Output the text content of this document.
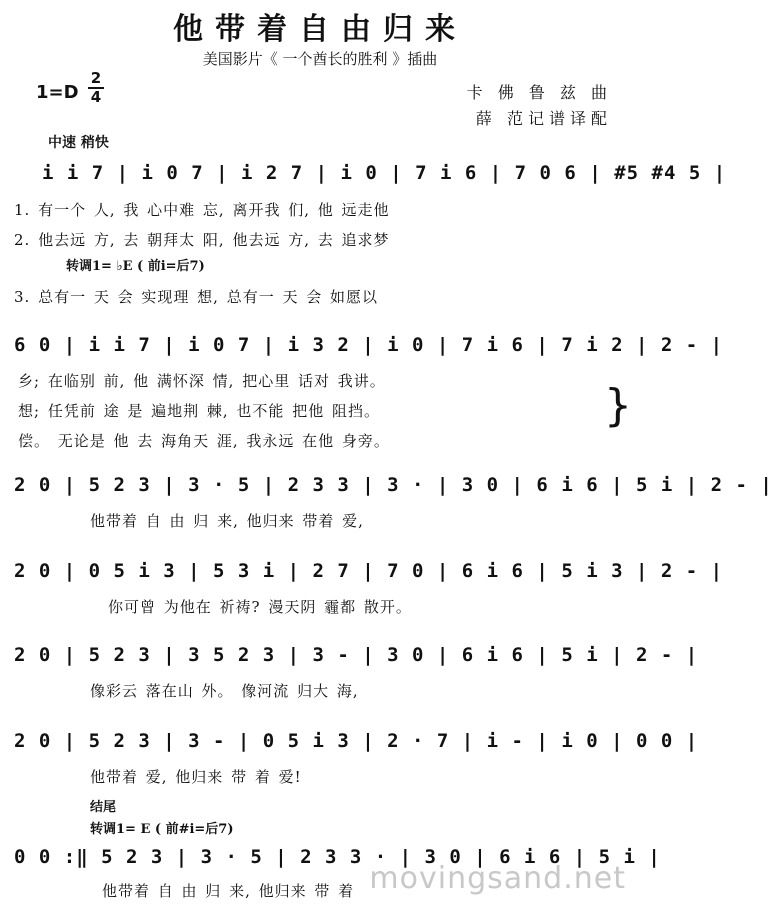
他带着自由归来
美国影片《 一个酋长的胜利 》插曲
1=D
2
4	卡 佛 鲁 兹 曲
薛 范记谱译配
中速 稍快
i i 7 | i 0 7 | i 2 7 | i 0 | 7 i 6 | 7 0 6 | #5 #4 5 |
1. 有一个 人, 我 心中难 忘, 离开我 们, 他 远走他
2. 他去远 方, 去 朝拜太 阳, 他去远 方, 去 追求梦
转调1= ♭E ( 前i=后7)
3. 总有一 天 会 实现理 想, 总有一 天 会 如愿以
6 0 | i i 7 | i 0 7 | i 3 2 | i 0 | 7 i 6 | 7 i 2 | 2 - |
乡; 在临别 前, 他 满怀深 情, 把心里 话对 我讲。
想; 任凭前 途 是 遍地荆 棘, 也不能 把他 阻挡。
偿。 无论是 他 去 海角天 涯, 我永远 在他 身旁。
}
2 0 | 5 2 3 | 3 · 5 | 2 3 3 | 3 · | 3 0 | 6 i 6 | 5 i | 2 - |
他带着 自 由 归 来, 他归来 带着 爱,
2 0 | 0 5 i 3 | 5 3 i | 2 7 | 7 0 | 6 i 6 | 5 i 3 | 2 - |
你可曾 为他在 祈祷? 漫天阴 霾都 散开。
2 0 | 5 2 3 | 3 5 2 3 | 3 - | 3 0 | 6 i 6 | 5 i | 2 - |
像彩云 落在山 外。 像河流 归大 海,
2 0 | 5 2 3 | 3 - | 0 5 i 3 | 2 · 7 | i - | i 0 | 0 0 |
他带着 爱, 他归来 带 着 爱!
结尾
转调1= E ( 前#i=后7)
0 0 :‖ 5 2 3 | 3 · 5 | 2 3 3 · | 3 0 | 6 i 6 | 5 i |
他带着 自 由 归 来, 他归来 带 着 movingsand.net
